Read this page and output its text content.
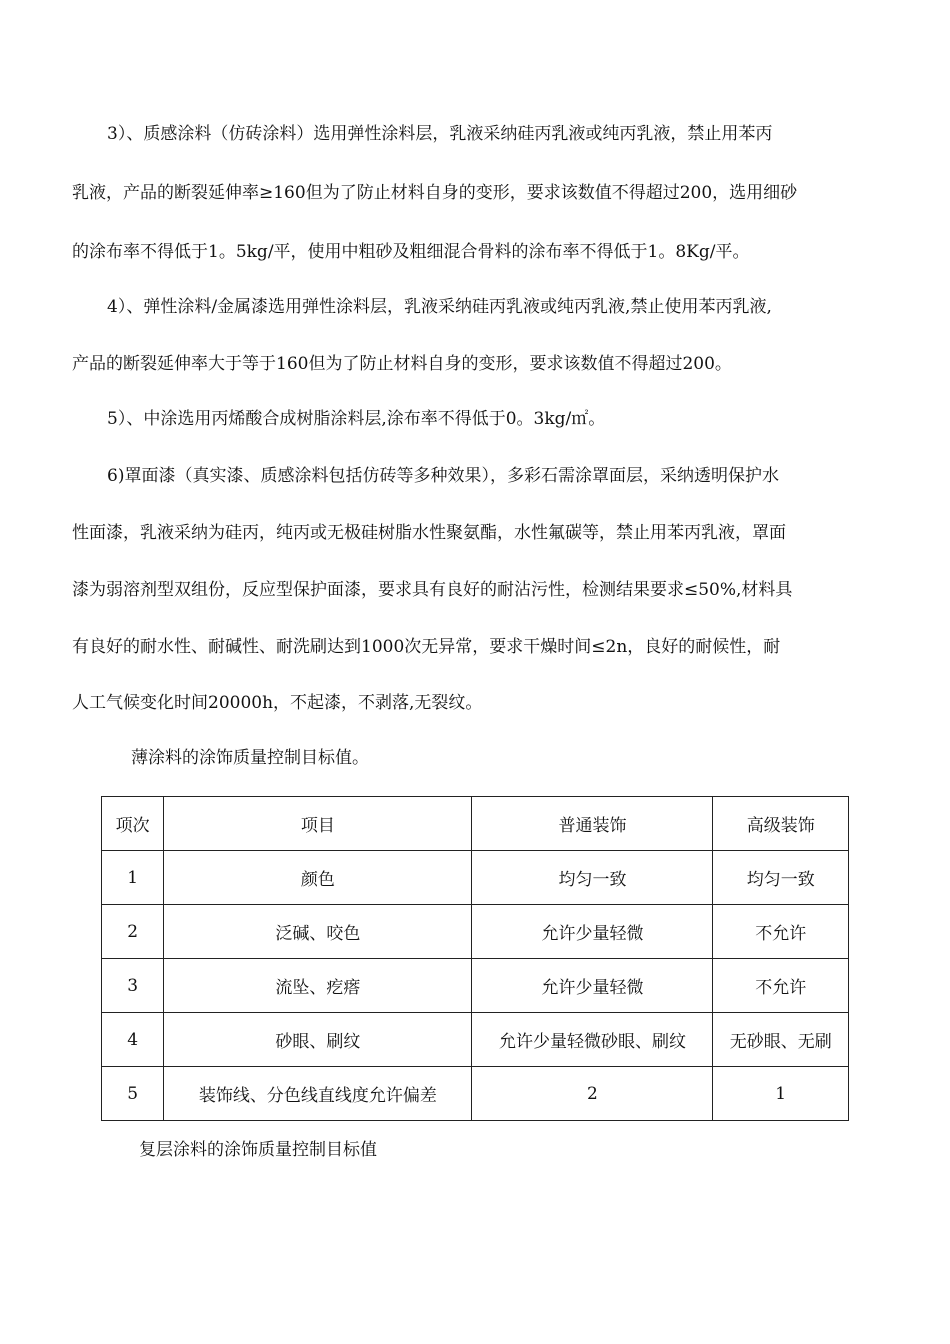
3）、质感涂料（仿砖涂料）选用弹性涂料层，乳液采纳硅丙乳液或纯丙乳液，禁止用苯丙
乳液，产品的断裂延伸率≥160但为了防止材料自身的变形，要求该数值不得超过200，选用细砂
的涂布率不得低于1。5kg/平，使用中粗砂及粗细混合骨料的涂布率不得低于1。8Kg/平。
4）、弹性涂料/金属漆选用弹性涂料层，乳液采纳硅丙乳液或纯丙乳液,禁止使用苯丙乳液,
产品的断裂延伸率大于等于160但为了防止材料自身的变形，要求该数值不得超过200。
5）、中涂选用丙烯酸合成树脂涂料层,涂布率不得低于0。3kg/㎡。
6)罩面漆（真实漆、质感涂料包括仿砖等多种效果），多彩石需涂罩面层，采纳透明保护水
性面漆，乳液采纳为硅丙，纯丙或无极硅树脂水性聚氨酯，水性氟碳等，禁止用苯丙乳液，罩面
漆为弱溶剂型双组份，反应型保护面漆，要求具有良好的耐沾污性，检测结果要求≤50%,材料具
有良好的耐水性、耐碱性、耐洗刷达到1000次无异常，要求干燥时间≤2n，良好的耐候性，耐
人工气候变化时间20000h，不起漆，不剥落,无裂纹。
薄涂料的涂饰质量控制目标值。
项次	项目	普通装饰	高级装饰
1	颜色	均匀一致	均匀一致
2	泛碱、咬色	允许少量轻微	不允许
3	流坠、疙瘩	允许少量轻微	不允许
4	砂眼、刷纹	允许少量轻微砂眼、刷纹	无砂眼、无刷
5	装饰线、分色线直线度允许偏差	2	1
复层涂料的涂饰质量控制目标值
